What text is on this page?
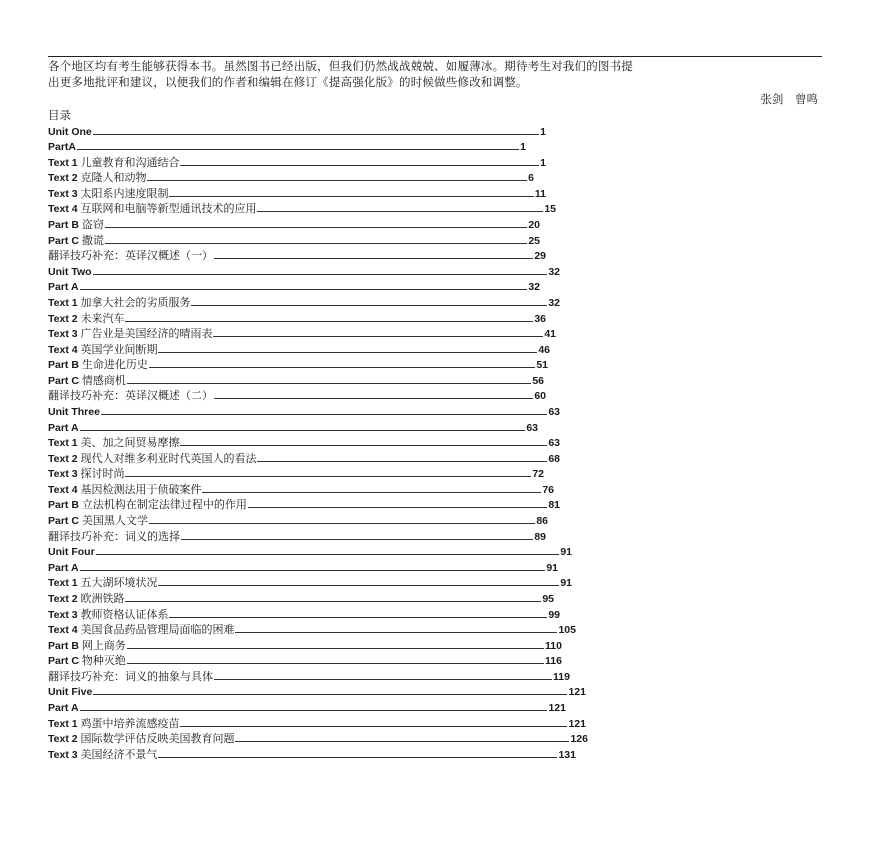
各个地区均有考生能够获得本书。虽然图书已经出版，但我们仍然战战兢兢、如履薄冰。期待考生对我们的图书提
出更多地批评和建议，以便我们的作者和编辑在修订《提高强化版》的时候做些修改和调整。

张剑 曾鸣

目录

Unit One	1
PartA	1
Text 1 儿童教育和沟通结合	1
Text 2 克隆人和动物	6
Text 3 太阳系内速度限制	11
Text 4 互联网和电脑等新型通讯技术的应用	15
Part B 盗窃	20
Part C 撒谎	25
翻译技巧补充：英译汉概述（一）	29
Unit Two	32
Part A	32
Text 1 加拿大社会的劣质服务	32
Text 2 未来汽车	36
Text 3 广告业是美国经济的晴雨表	41
Text 4 英国学业间断期	46
Part B 生命进化历史	51
Part C 情感商机	56
翻译技巧补充：英译汉概述（二）	60
Unit Three	63
Part A	63
Text 1 美、加之间贸易摩擦	63
Text 2 现代人对维多利亚时代英国人的看法	68
Text 3 探讨时尚	72
Text 4 基因检测法用于侦破案件	76
Part B 立法机构在制定法律过程中的作用	81
Part C 美国黑人文学	86
翻译技巧补充：词义的选择	89
Unit Four	91
Part A	91
Text 1 五大湖环境状况	91
Text 2 欧洲铁路	95
Text 3 教师资格认证体系	99
Text 4 美国食品药品管理局面临的困难	105
Part B 网上商务	110
Part C 物种灭绝	116
翻译技巧补充：词义的抽象与具体	119
Unit Five	121
Part A	121
Text 1 鸡蛋中培养流感疫苗	121
Text 2 国际数学评估反映美国教育问题	126
Text 3 美国经济不景气	131
